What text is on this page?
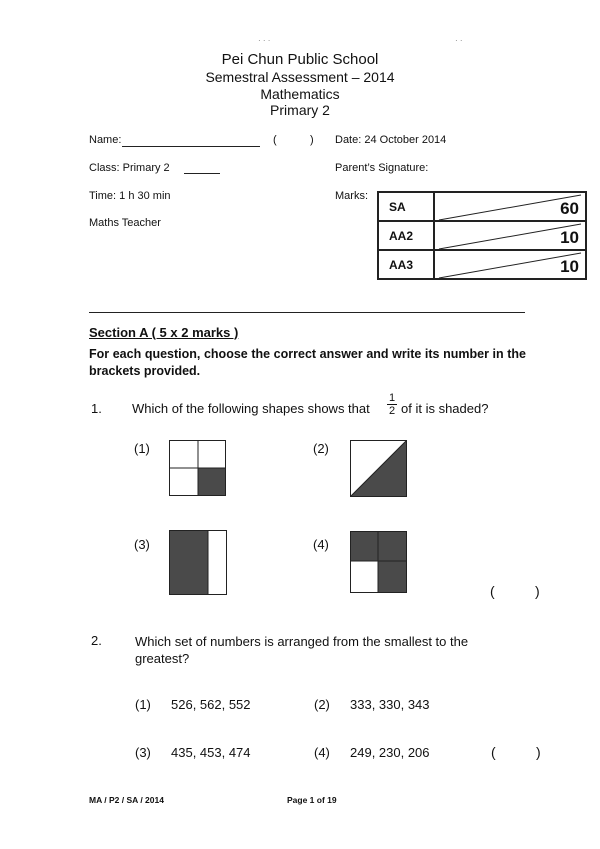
· · ·	· ·
Pei Chun Public School
Semestral Assessment – 2014
Mathematics
Primary 2
Name:	(	) Date: 24 October 2014
Class: Primary 2	Parent’s Signature:
Time: 1 h 30 min	Marks:
Maths Teacher
SA	60

AA2	10

AA3	10
Section A ( 5 x 2 marks )
For each question, choose the correct answer and write its number in the brackets provided.
1. Which of the following shapes shows that $\frac{1}{2}$ of it is shaded?
(1)	(2)
(3)	(4)
(	)
2.	Which set of numbers is arranged from the smallest to the greatest?
(1) 526, 562, 552	(2) 333, 330, 343
(3) 435, 453, 474	(4) 249, 230, 206	(	)
MA / P2 / SA / 2014	Page 1 of 19
